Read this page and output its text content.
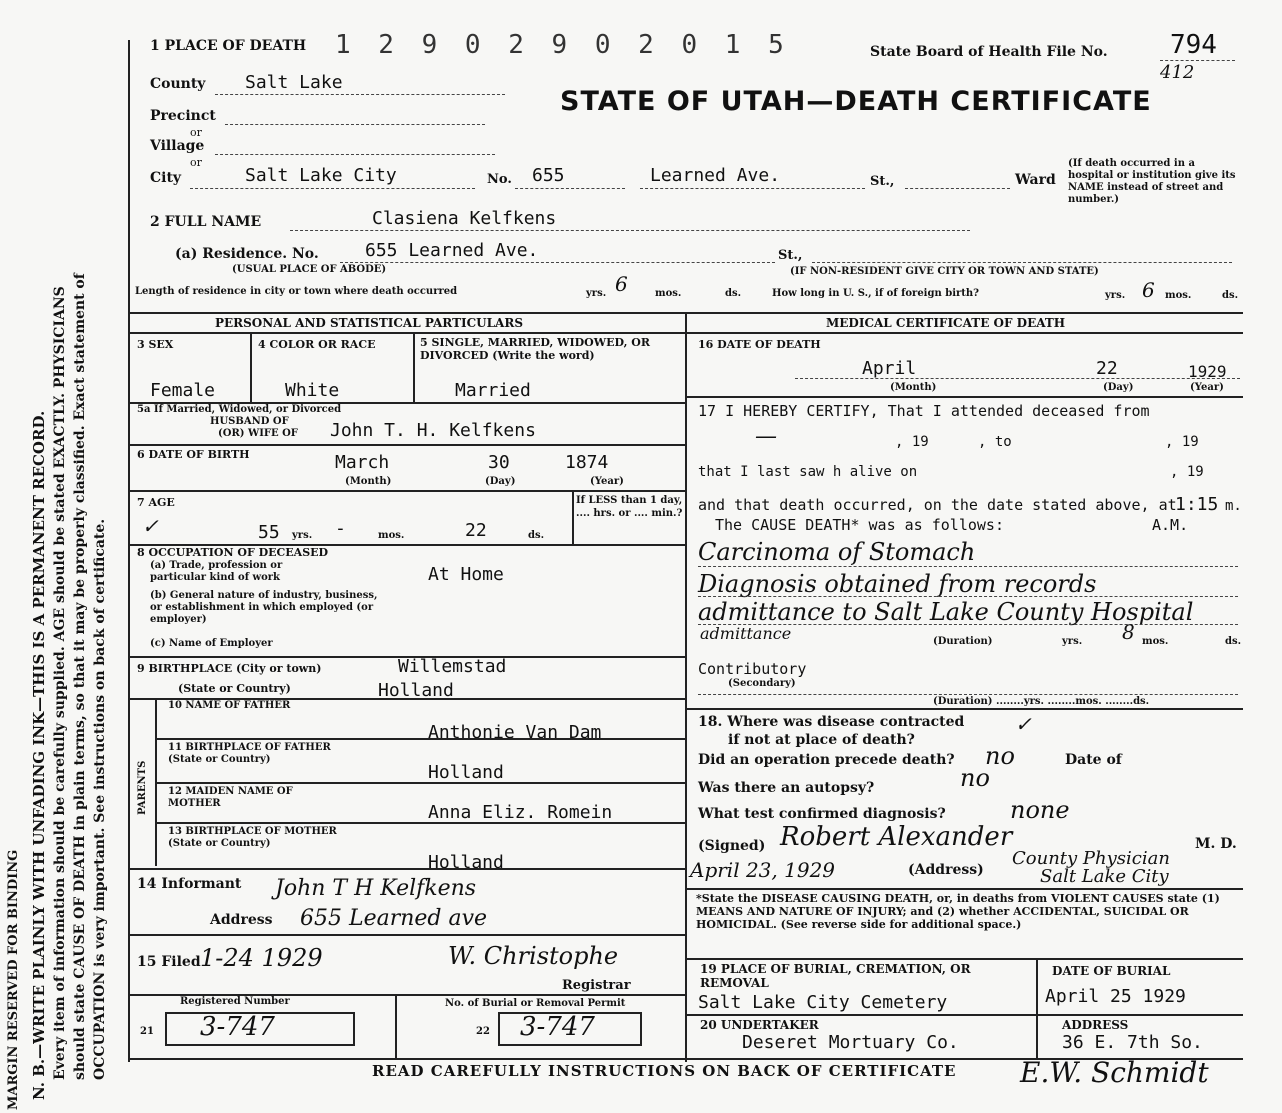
MARGIN RESERVED FOR BINDING N. B.—WRITE PLAINLY WITH UNFADING INK—THIS IS A PERMANENT RECORD. Every item of information should be carefully supplied. AGE should be stated EXACTLY. PHYSICIANS should state CAUSE OF DEATH in plain terms, so that it may be properly classified. Exact statement of OCCUPATION is very important. See instructions on back of certificate.
1 PLACE OF DEATH 1 2 9 0 2 9 0 2 0 1 5	State Board of Health File No. 794
412
STATE OF UTAH—DEATH CERTIFICATE
County Salt Lake
Precinct
or
Village
or
City	Salt Lake City	No. 655	Learned Ave.	St.,	Ward
(If death occurred in a hospital or institution give its NAME instead of street and number.)
2 FULL NAME	Clasiena Kelfkens
(a) Residence. No.	655 Learned Ave.	St.,
(USUAL PLACE OF ABODE)	(IF NON-RESIDENT GIVE CITY OR TOWN AND STATE)
Length of residence in city or town where death occurred	yrs. 6	mos.	ds.	How long in U. S., if of foreign birth?	yrs. 6 mos.	ds.
PERSONAL AND STATISTICAL PARTICULARS
3 SEX	4 COLOR OR RACE	5 SINGLE, MARRIED, WIDOWED, OR DIVORCED (Write the word)
Female	White	Married
5a If Married, Widowed, or Divorced
HUSBAND OF
(OR) WIFE OF John T. H. Kelfkens
6 DATE OF BIRTH	March	30	1874
(Month)	(Day)	(Year)
7 AGE
✓	55 yrs. -	mos.	22	ds.
If LESS than 1 day, .... hrs. or .... min.?
8 OCCUPATION OF DECEASED
(a) Trade, profession or particular kind of work	At Home
(b) General nature of industry, business, or establishment in which employed (or employer)
(c) Name of Employer
9 BIRTHPLACE (City or town)	Willemstad
(State or Country)	Holland
PARENTS
10 NAME OF FATHER
Anthonie Van Dam
11 BIRTHPLACE OF FATHER (State or Country)
Holland
12 MAIDEN NAME OF MOTHER	Anna Eliz. Romein
13 BIRTHPLACE OF MOTHER (State or Country)
Holland
14 Informant John T H Kelfkens
Address 655 Learned ave
15 Filed 1-24 1929	W. Christophe
Registrar
Registered Number	No. of Burial or Removal Permit
21 3-747	22 3-747
MEDICAL CERTIFICATE OF DEATH
16 DATE OF DEATH
April	22	1929
(Month)	(Day)	(Year)
17 I HEREBY CERTIFY, That I attended deceased from
—	, 19	, to	, 19
that I last saw h alive on	, 19
and that death occurred, on the date stated above, at
1:15 m.
The CAUSE DEATH* was as follows:	A.M.
Carcinoma of Stomach
Diagnosis obtained from records
admittance to Salt Lake County Hospital
admittance	(Duration)	yrs. 8 mos.	ds.
Contributory
(Secondary)
(Duration) ........yrs. ........mos. ........ds.
18. Where was disease contracted
if not at place of death?
✓
Did an operation precede death? no	Date of
Was there an autopsy?	no
What test confirmed diagnosis?	none
(Signed) Robert Alexander	M. D.
April 23, 1929	(Address)
County Physician
Salt Lake City
*State the DISEASE CAUSING DEATH, or, in deaths from VIOLENT CAUSES state (1) MEANS AND NATURE OF INJURY; and (2) whether ACCIDENTAL, SUICIDAL OR HOMICIDAL. (See reverse side for additional space.)
19 PLACE OF BURIAL, CREMATION, OR REMOVAL
Salt Lake City Cemetery
DATE OF BURIAL
April 25 1929
20 UNDERTAKER
Deseret Mortuary Co.
ADDRESS
36 E. 7th So.
READ CAREFULLY INSTRUCTIONS ON BACK OF CERTIFICATE E.W. Schmidt
